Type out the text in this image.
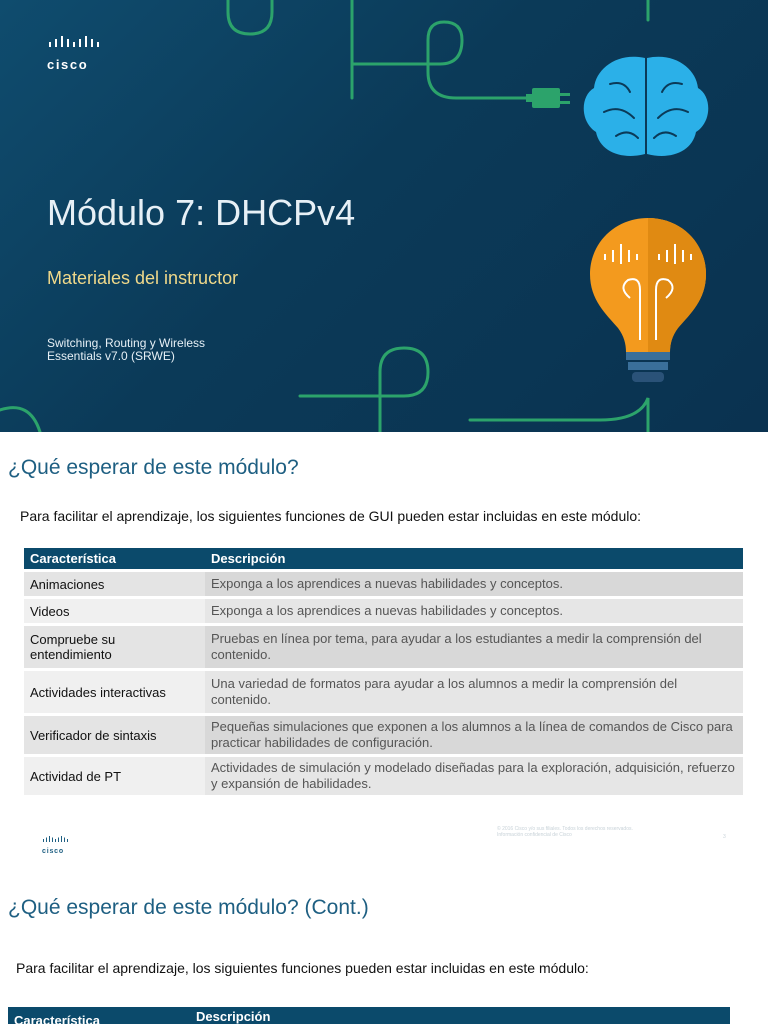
cisco
Módulo 7: DHCPv4
Materiales del instructor
Switching, Routing y Wireless
Essentials v7.0 (SRWE)
¿Qué esperar de este módulo?

Para facilitar el aprendizaje, los siguientes funciones de GUI pueden estar incluidas en este módulo:

Característica	Descripción
Animaciones	Exponga a los aprendices a nuevas habilidades y conceptos.
Videos	Exponga a los aprendices a nuevas habilidades y conceptos.
Compruebe su entendimiento	Pruebas en línea por tema, para ayudar a los estudiantes a medir la comprensión del contenido.
Actividades interactivas	Una variedad de formatos para ayudar a los alumnos a medir la comprensión del contenido.
Verificador de sintaxis	Pequeñas simulaciones que exponen a los alumnos a la línea de comandos de Cisco para practicar habilidades de configuración.
Actividad de PT	Actividades de simulación y modelado diseñadas para la exploración, adquisición, refuerzo y expansión de habilidades.
cisco
© 2016 Cisco y/o sus filiales. Todos los derechos reservados.
Información confidencial de Cisco	3
¿Qué esperar de este módulo? (Cont.)

Para facilitar el aprendizaje, los siguientes funciones pueden estar incluidas en este módulo:

Característica	Descripción
